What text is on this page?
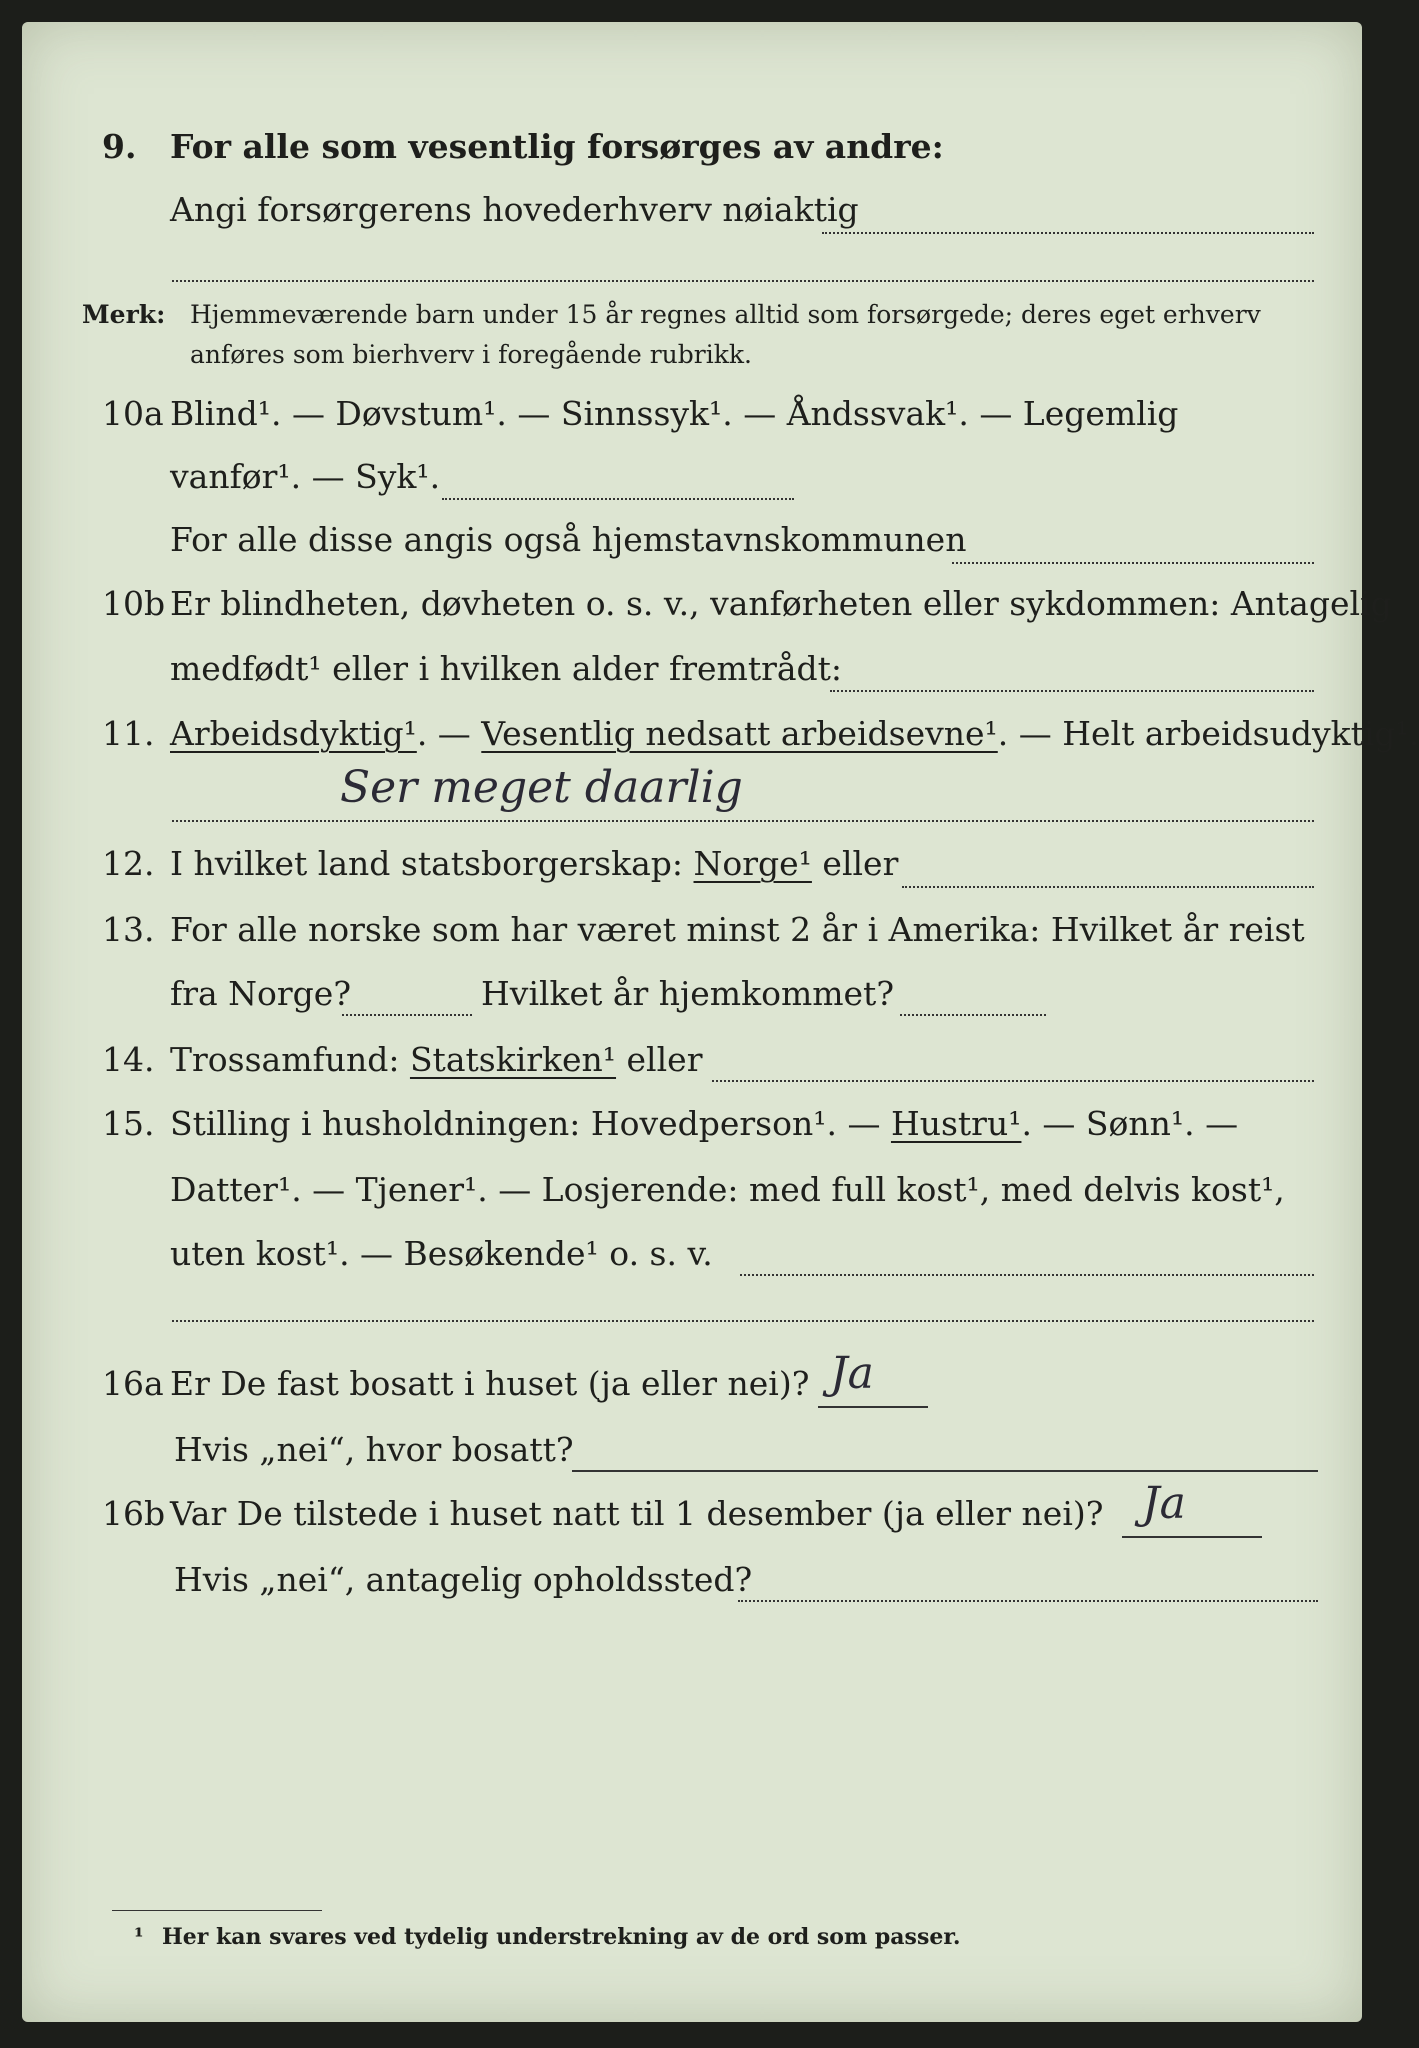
9. For alle som vesentlig forsørges av andre:
Angi forsørgerens hovederhverv nøiaktig
Merk: Hjemmeværende barn under 15 år regnes alltid som forsørgede; deres eget erhverv
anføres som bierhverv i foregående rubrikk.
10a Blind¹. — Døvstum¹. — Sinnssyk¹. — Åndssvak¹. — Legemlig
vanfør¹. — Syk¹.
For alle disse angis også hjemstavnskommunen
10b Er blindheten, døvheten o. s. v., vanførheten eller sykdommen: Antagelig
medfødt¹ eller i hvilken alder fremtrådt:
11. Arbeidsdyktig¹. — Vesentlig nedsatt arbeidsevne¹. — Helt arbeidsudyktig¹.
Ser meget daarlig
12. I hvilket land statsborgerskap: Norge¹ eller
13. For alle norske som har været minst 2 år i Amerika: Hvilket år reist
fra Norge?	Hvilket år hjemkommet?
14. Trossamfund: Statskirken¹ eller
15. Stilling i husholdningen: Hovedperson¹. — Hustru¹. — Sønn¹. —
Datter¹. — Tjener¹. — Losjerende: med full kost¹, med delvis kost¹,
uten kost¹. — Besøkende¹ o. s. v.
16a Er De fast bosatt i huset (ja eller nei)? Ja
Hvis „nei“, hvor bosatt?
16b Var De tilstede i huset natt til 1 desember (ja eller nei)? Ja
Hvis „nei“, antagelig opholdssted?
¹ Her kan svares ved tydelig understrekning av de ord som passer.
